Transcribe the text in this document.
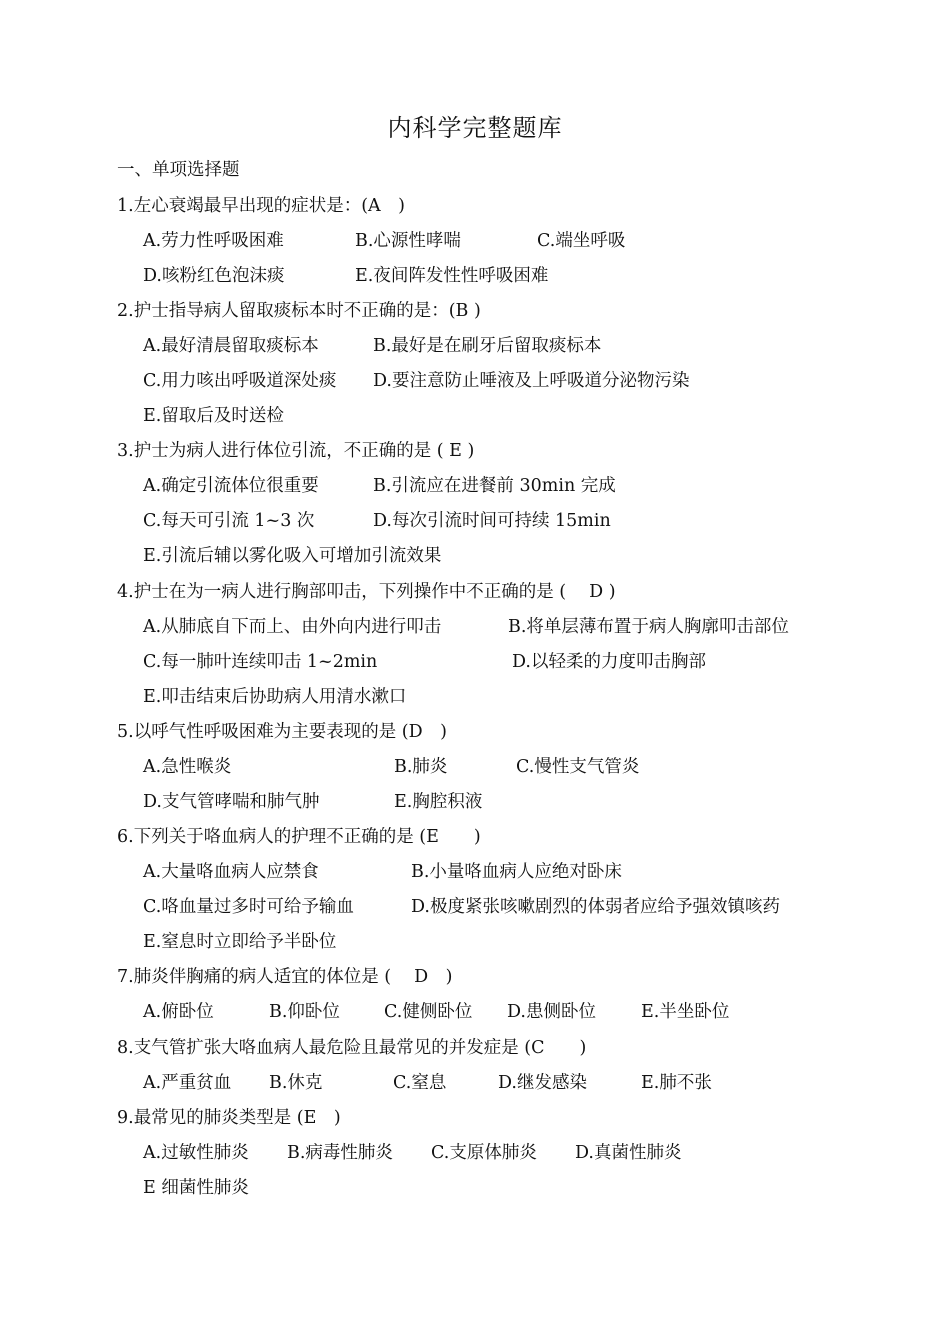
内科学完整题库
一、单项选择题
1.左心衰竭最早出现的症状是：(A　)
A.劳力性呼吸困难	B.心源性哮喘	C.端坐呼吸
D.咳粉红色泡沫痰	E.夜间阵发性性呼吸困难
2.护士指导病人留取痰标本时不正确的是：(B )
A.最好清晨留取痰标本	B.最好是在刷牙后留取痰标本
C.用力咳出呼吸道深处痰 D.要注意防止唾液及上呼吸道分泌物污染
E.留取后及时送检
3.护士为病人进行体位引流，不正确的是 ( E )
A.确定引流体位很重要	B.引流应在进餐前 30min 完成
C.每天可引流 1~3 次	D.每次引流时间可持续 15min
E.引流后辅以雾化吸入可增加引流效果
4.护士在为一病人进行胸部叩击，下列操作中不正确的是 ( 　D )
A.从肺底自下而上、由外向内进行叩击	B.将单层薄布置于病人胸廓叩击部位
C.每一肺叶连续叩击 1~2min	D.以轻柔的力度叩击胸部
E.叩击结束后协助病人用清水漱口
5.以呼气性呼吸困难为主要表现的是 (D　)
A.急性喉炎	B.肺炎	C.慢性支气管炎
D.支气管哮喘和肺气肿	E.胸腔积液
6.下列关于咯血病人的护理不正确的是 (E　　)
A.大量咯血病人应禁食	B.小量咯血病人应绝对卧床
C.咯血量过多时可给予输血	D.极度紧张咳嗽剧烈的体弱者应给予强效镇咳药
E.窒息时立即给予半卧位
7.肺炎伴胸痛的病人适宜的体位是 ( 　D　)
A.俯卧位	B.仰卧位	C.健侧卧位 D.患侧卧位	E.半坐卧位
8.支气管扩张大咯血病人最危险且最常见的并发症是 (C　　)
A.严重贫血 B.休克	C.窒息	D.继发感染	E.肺不张
9.最常见的肺炎类型是 (E　)
A.过敏性肺炎 B.病毒性肺炎 C.支原体肺炎 D.真菌性肺炎
E 细菌性肺炎
